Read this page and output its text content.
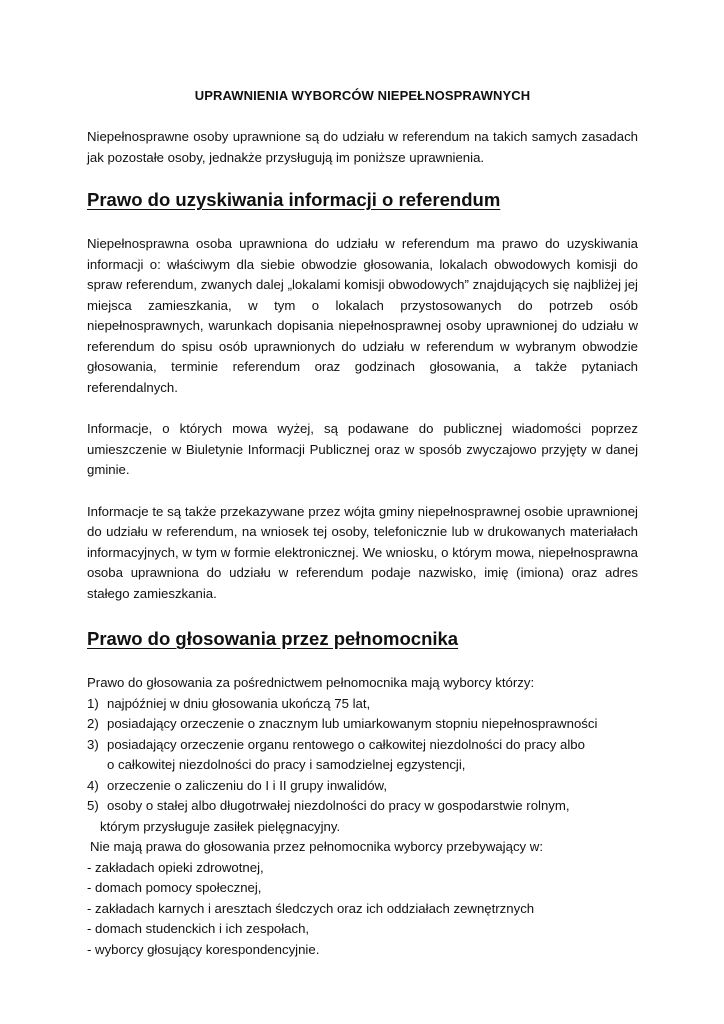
UPRAWNIENIA WYBORCÓW NIEPEŁNOSPRAWNYCH

Niepełnosprawne osoby uprawnione są do udziału w referendum na takich samych zasadach jak pozostałe osoby, jednakże przysługują im poniższe uprawnienia.

Prawo do uzyskiwania informacji o referendum

Niepełnosprawna osoba uprawniona do udziału w referendum ma prawo do uzyskiwania informacji o: właściwym dla siebie obwodzie głosowania, lokalach obwodowych komisji do spraw referendum, zwanych dalej „lokalami komisji obwodowych” znajdujących się najbliżej jej miejsca zamieszkania, w tym o lokalach przystosowanych do potrzeb osób niepełnosprawnych, warunkach dopisania niepełnosprawnej osoby uprawnionej do udziału w referendum do spisu osób uprawnionych do udziału w referendum w wybranym obwodzie głosowania, terminie referendum oraz godzinach głosowania, a także pytaniach referendalnych.

Informacje, o których mowa wyżej, są podawane do publicznej wiadomości poprzez umieszczenie w Biuletynie Informacji Publicznej oraz w sposób zwyczajowo przyjęty w danej gminie.

Informacje te są także przekazywane przez wójta gminy niepełnosprawnej osobie uprawnionej do udziału w referendum, na wniosek tej osoby, telefonicznie lub w drukowanych materiałach informacyjnych, w tym w formie elektronicznej. We wniosku, o którym mowa, niepełnosprawna osoba uprawniona do udziału w referendum podaje nazwisko, imię (imiona) oraz adres stałego zamieszkania.

Prawo do głosowania przez pełnomocnika

Prawo do głosowania za pośrednictwem pełnomocnika mają wyborcy którzy:

1) najpóźniej w dniu głosowania ukończą 75 lat,
2) posiadający orzeczenie o znacznym lub umiarkowanym stopniu niepełnosprawności
3) posiadający orzeczenie organu rentowego o całkowitej niezdolności do pracy albo
o całkowitej niezdolności do pracy i samodzielnej egzystencji,
4) orzeczenie o zaliczeniu do I i II grupy inwalidów,
5) osoby o stałej albo długotrwałej niezdolności do pracy w gospodarstwie rolnym,
którym przysługuje zasiłek pielęgnacyjny.

Nie mają prawa do głosowania przez pełnomocnika wyborcy przebywający w:

- zakładach opieki zdrowotnej,

- domach pomocy społecznej,

- zakładach karnych i aresztach śledczych oraz ich oddziałach zewnętrznych

- domach studenckich i ich zespołach,

- wyborcy głosujący korespondencyjnie.
